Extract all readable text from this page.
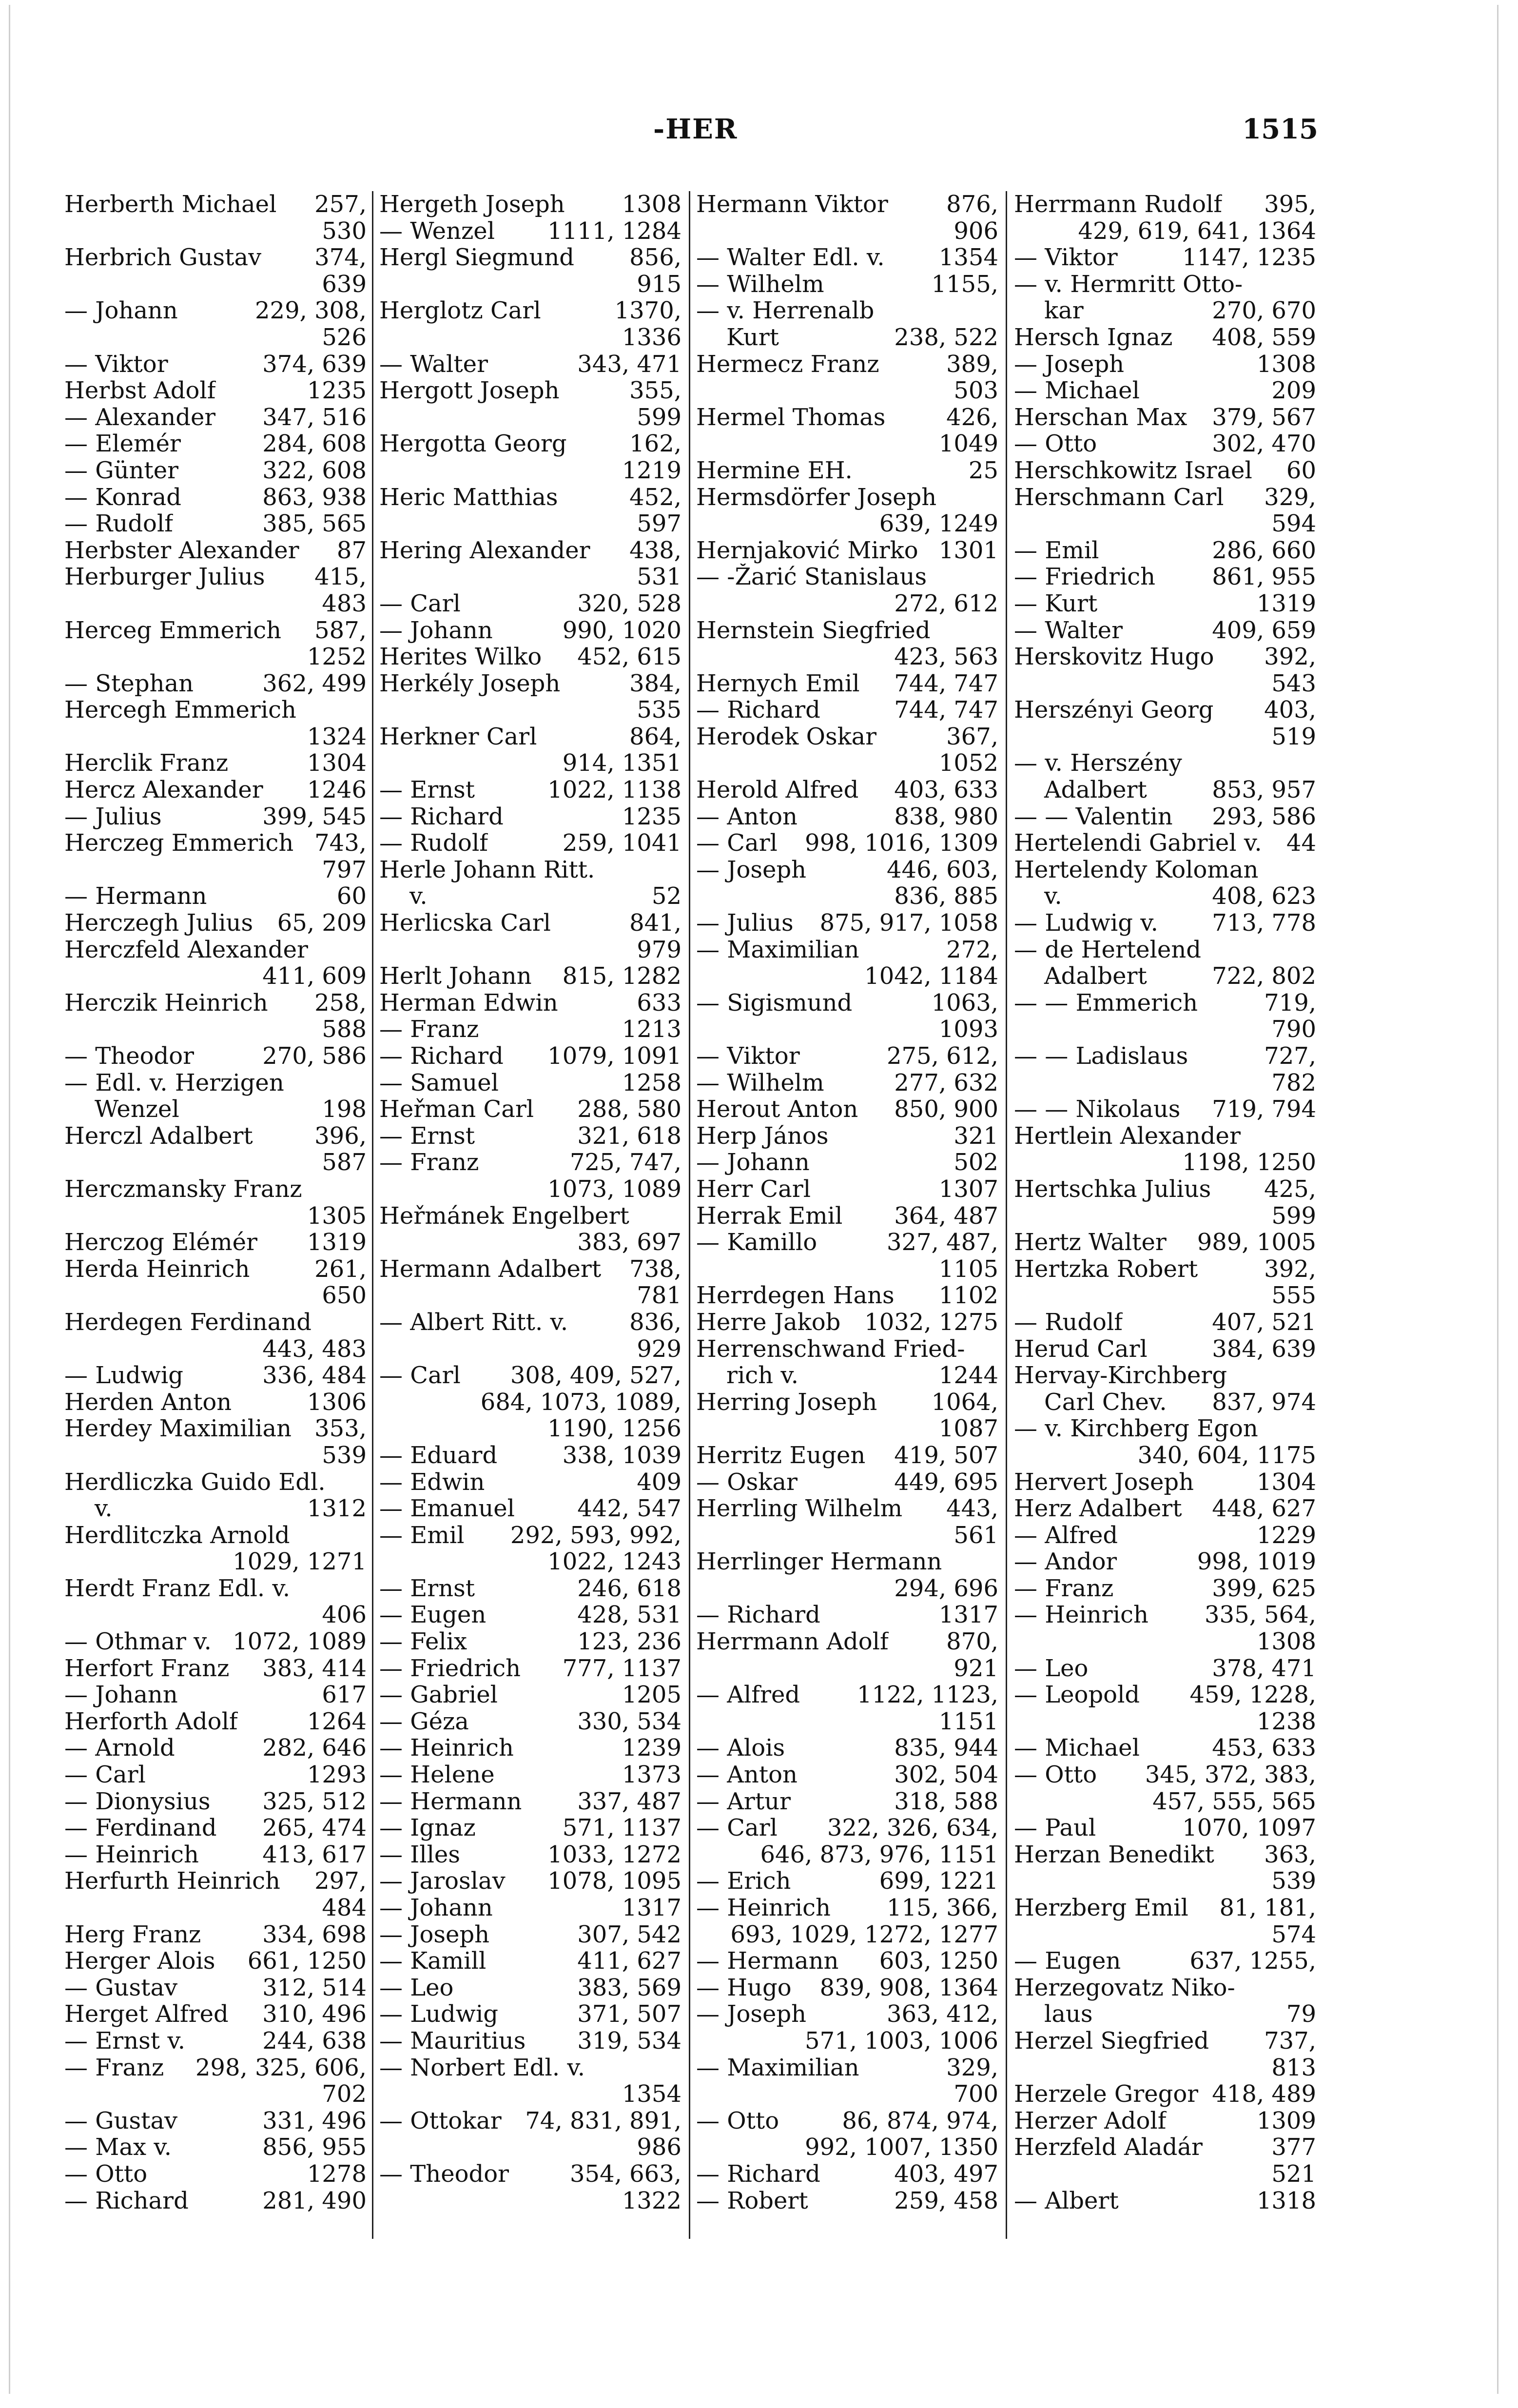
-HER	1515
Herberth Michael 257,
530
Herbrich Gustav 374,
639
— Johann	229, 308,
526
— Viktor	374, 639
Herbst Adolf	1235
— Alexander 347, 516
— Elemér	284, 608
— Günter	322, 608
— Konrad	863, 938
— Rudolf	385, 565
Herbster Alexander 87
Herburger Julius 415,
483
Herceg Emmerich 587,
1252
— Stephan	362, 499
Hercegh Emmerich
1324
Herclik Franz	1304
Hercz Alexander 1246
— Julius	399, 545
Herczeg Emmerich 743,
797
— Hermann	60
Herczegh Julius 65, 209
Herczfeld Alexander
411, 609
Herczik Heinrich 258,
588
— Theodor	270, 586
— Edl. v. Herzigen
Wenzel	198
Herczl Adalbert	396,
587
Herczmansky Franz
1305
Herczog Elémér 1319
Herda Heinrich	261,
650
Herdegen Ferdinand
443, 483
— Ludwig	336, 484
Herden Anton	1306
Herdey Maximilian 353,
539
Herdliczka Guido Edl.
v.	1312
Herdlitczka Arnold
1029, 1271
Herdt Franz Edl. v.
406
— Othmar v. 1072, 1089
Herfort Franz 383, 414
— Johann	617
Herforth Adolf	1264
— Arnold	282, 646
— Carl	1293
— Dionysius 325, 512
— Ferdinand 265, 474
— Heinrich	413, 617
Herfurth Heinrich 297,
484
Herg Franz	334, 698
Herger Alois 661, 1250
— Gustav	312, 514
Herget Alfred 310, 496
— Ernst v.	244, 638
— Franz 298, 325, 606,
702
— Gustav	331, 496
— Max v.	856, 955
— Otto	1278
— Richard	281, 490
Hergeth Joseph 1308
— Wenzel 1111, 1284
Hergl Siegmund 856,
915
Herglotz Carl	1370,
1336
— Walter	343, 471
Hergott Joseph	355,
599
Hergotta Georg	162,
1219
Heric Matthias	452,
597
Hering Alexander 438,
531
— Carl	320, 528
— Johann	990, 1020
Herites Wilko 452, 615
Herkély Joseph	384,
535
Herkner Carl	864,
914, 1351
— Ernst	1022, 1138
— Richard	1235
— Rudolf	259, 1041
Herle Johann Ritt.
v.	52
Herlicska Carl	841,
979
Herlt Johann 815, 1282
Herman Edwin	633
— Franz	1213
— Richard 1079, 1091
— Samuel	1258
Heřman Carl 288, 580
— Ernst	321, 618
— Franz	725, 747,
1073, 1089
Heřmánek Engelbert
383, 697
Hermann Adalbert 738,
781
— Albert Ritt. v.	836,
929
— Carl 308, 409, 527,
684, 1073, 1089,
1190, 1256
— Eduard	338, 1039
— Edwin	409
— Emanuel	442, 547
— Emil 292, 593, 992,
1022, 1243
— Ernst	246, 618
— Eugen	428, 531
— Felix	123, 236
— Friedrich 777, 1137
— Gabriel	1205
— Géza	330, 534
— Heinrich	1239
— Helene	1373
— Hermann 337, 487
— Ignaz	571, 1137
— Illes	1033, 1272
— Jaroslav 1078, 1095
— Johann	1317
— Joseph	307, 542
— Kamill	411, 627
— Leo	383, 569
— Ludwig	371, 507
— Mauritius 319, 534
— Norbert Edl. v.
1354
— Ottokar 74, 831, 891,
986
— Theodor	354, 663,
1322
Hermann Viktor 876,
906
— Walter Edl. v. 1354
— Wilhelm	1155,
— v. Herrenalb
Kurt	238, 522
Hermecz Franz	389,
503
Hermel Thomas	426,
1049
Hermine EH.	25
Hermsdörfer Joseph
639, 1249
Hernjaković Mirko 1301
— -Žarić Stanislaus
272, 612
Hernstein Siegfried
423, 563
Hernych Emil 744, 747
— Richard	744, 747
Herodek Oskar	367,
1052
Herold Alfred 403, 633
— Anton	838, 980
— Carl 998, 1016, 1309
— Joseph	446, 603,
836, 885
— Julius 875, 917, 1058
— Maximilian	272,
1042, 1184
— Sigismund	1063,
1093
— Viktor	275, 612,
— Wilhelm	277, 632
Herout Anton 850, 900
Herp János	321
— Johann	502
Herr Carl	1307
Herrak Emil 364, 487
— Kamillo	327, 487,
1105
Herrdegen Hans 1102
Herre Jakob 1032, 1275
Herrenschwand Fried-
rich v.	1244
Herring Joseph 1064,
1087
Herritz Eugen 419, 507
— Oskar	449, 695
Herrling Wilhelm 443,
561
Herrlinger Hermann
294, 696
— Richard	1317
Herrmann Adolf 870,
921
— Alfred 1122, 1123,
1151
— Alois	835, 944
— Anton	302, 504
— Artur	318, 588
— Carl 322, 326, 634,
646, 873, 976, 1151
— Erich	699, 1221
— Heinrich 115, 366,
693, 1029, 1272, 1277
— Hermann 603, 1250
— Hugo 839, 908, 1364
— Joseph	363, 412,
571, 1003, 1006
— Maximilian	329,
700
— Otto	86, 874, 974,
992, 1007, 1350
— Richard	403, 497
— Robert	259, 458
Herrmann Rudolf 395,
429, 619, 641, 1364
— Viktor	1147, 1235
— v. Hermritt Otto-
kar	270, 670
Hersch Ignaz 408, 559
— Joseph	1308
— Michael	209
Herschan Max 379, 567
— Otto	302, 470
Herschkowitz Israel 60
Herschmann Carl 329,
594
— Emil	286, 660
— Friedrich 861, 955
— Kurt	1319
— Walter	409, 659
Herskovitz Hugo 392,
543
Herszényi Georg 403,
519
— v. Herszény
Adalbert	853, 957
— — Valentin 293, 586
Hertelendi Gabriel v. 44
Hertelendy Koloman
v.	408, 623
— Ludwig v. 713, 778
— de Hertelend
Adalbert	722, 802
— — Emmerich	719,
790
— — Ladislaus	727,
782
— — Nikolaus 719, 794
Hertlein Alexander
1198, 1250
Hertschka Julius 425,
599
Hertz Walter 989, 1005
Hertzka Robert	392,
555
— Rudolf	407, 521
Herud Carl	384, 639
Hervay-Kirchberg
Carl Chev. 837, 974
— v. Kirchberg Egon
340, 604, 1175
Hervert Joseph	1304
Herz Adalbert 448, 627
— Alfred	1229
— Andor	998, 1019
— Franz	399, 625
— Heinrich 335, 564,
1308
— Leo	378, 471
— Leopold 459, 1228,
1238
— Michael	453, 633
— Otto 345, 372, 383,
457, 555, 565
— Paul	1070, 1097
Herzan Benedikt 363,
539
Herzberg Emil 81, 181,
574
— Eugen	637, 1255,
Herzegovatz Niko-
laus	79
Herzel Siegfried 737,
813
Herzele Gregor 418, 489
Herzer Adolf	1309
Herzfeld Aladár	377
521
— Albert	1318
